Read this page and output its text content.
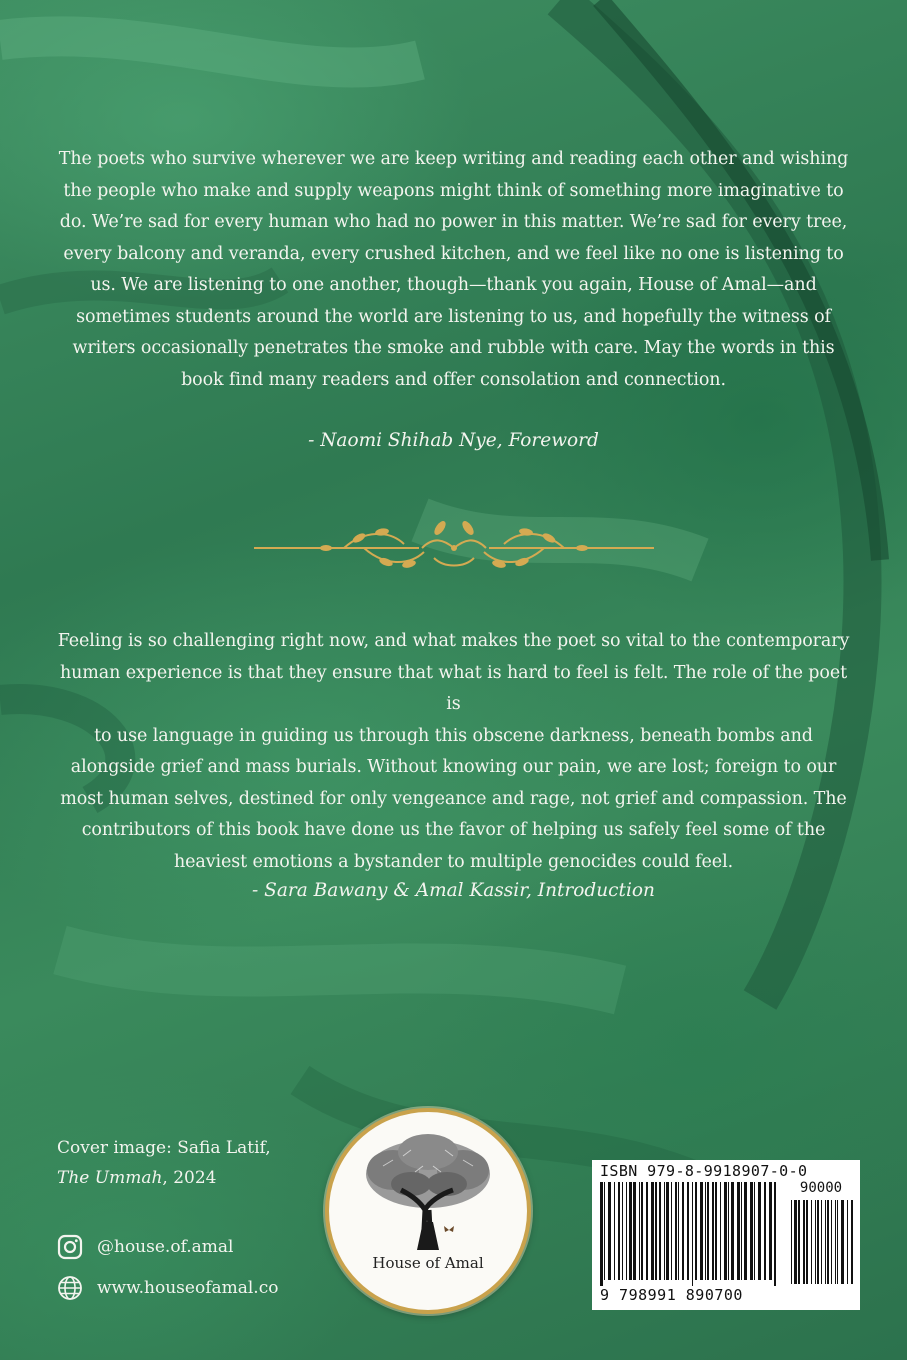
The poets who survive wherever we are keep writing and reading each other and wishing
the people who make and supply weapons might think of something more imaginative to
do. We’re sad for every human who had no power in this matter. We’re sad for every tree,
every balcony and veranda, every crushed kitchen, and we feel like no one is listening to
us. We are listening to one another, though—thank you again, House of Amal—and
sometimes students around the world are listening to us, and hopefully the witness of
writers occasionally penetrates the smoke and rubble with care. May the words in this
book find many readers and offer consolation and connection.
- Naomi Shihab Nye, Foreword
Feeling is so challenging right now, and what makes the poet so vital to the contemporary
human experience is that they ensure that what is hard to feel is felt. The role of the poet is
to use language in guiding us through this obscene darkness, beneath bombs and
alongside grief and mass burials. Without knowing our pain, we are lost; foreign to our
most human selves, destined for only vengeance and rage, not grief and compassion. The
contributors of this book have done us the favor of helping us safely feel some of the
heaviest emotions a bystander to multiple genocides could feel.
- Sara Bawany & Amal Kassir, Introduction
Cover image: Safia Latif,
The Ummah, 2024
@house.of.amal
www.houseofamal.co
House of Amal
ISBN 979-8-9918907-0-0
90000
9 798991 890700
